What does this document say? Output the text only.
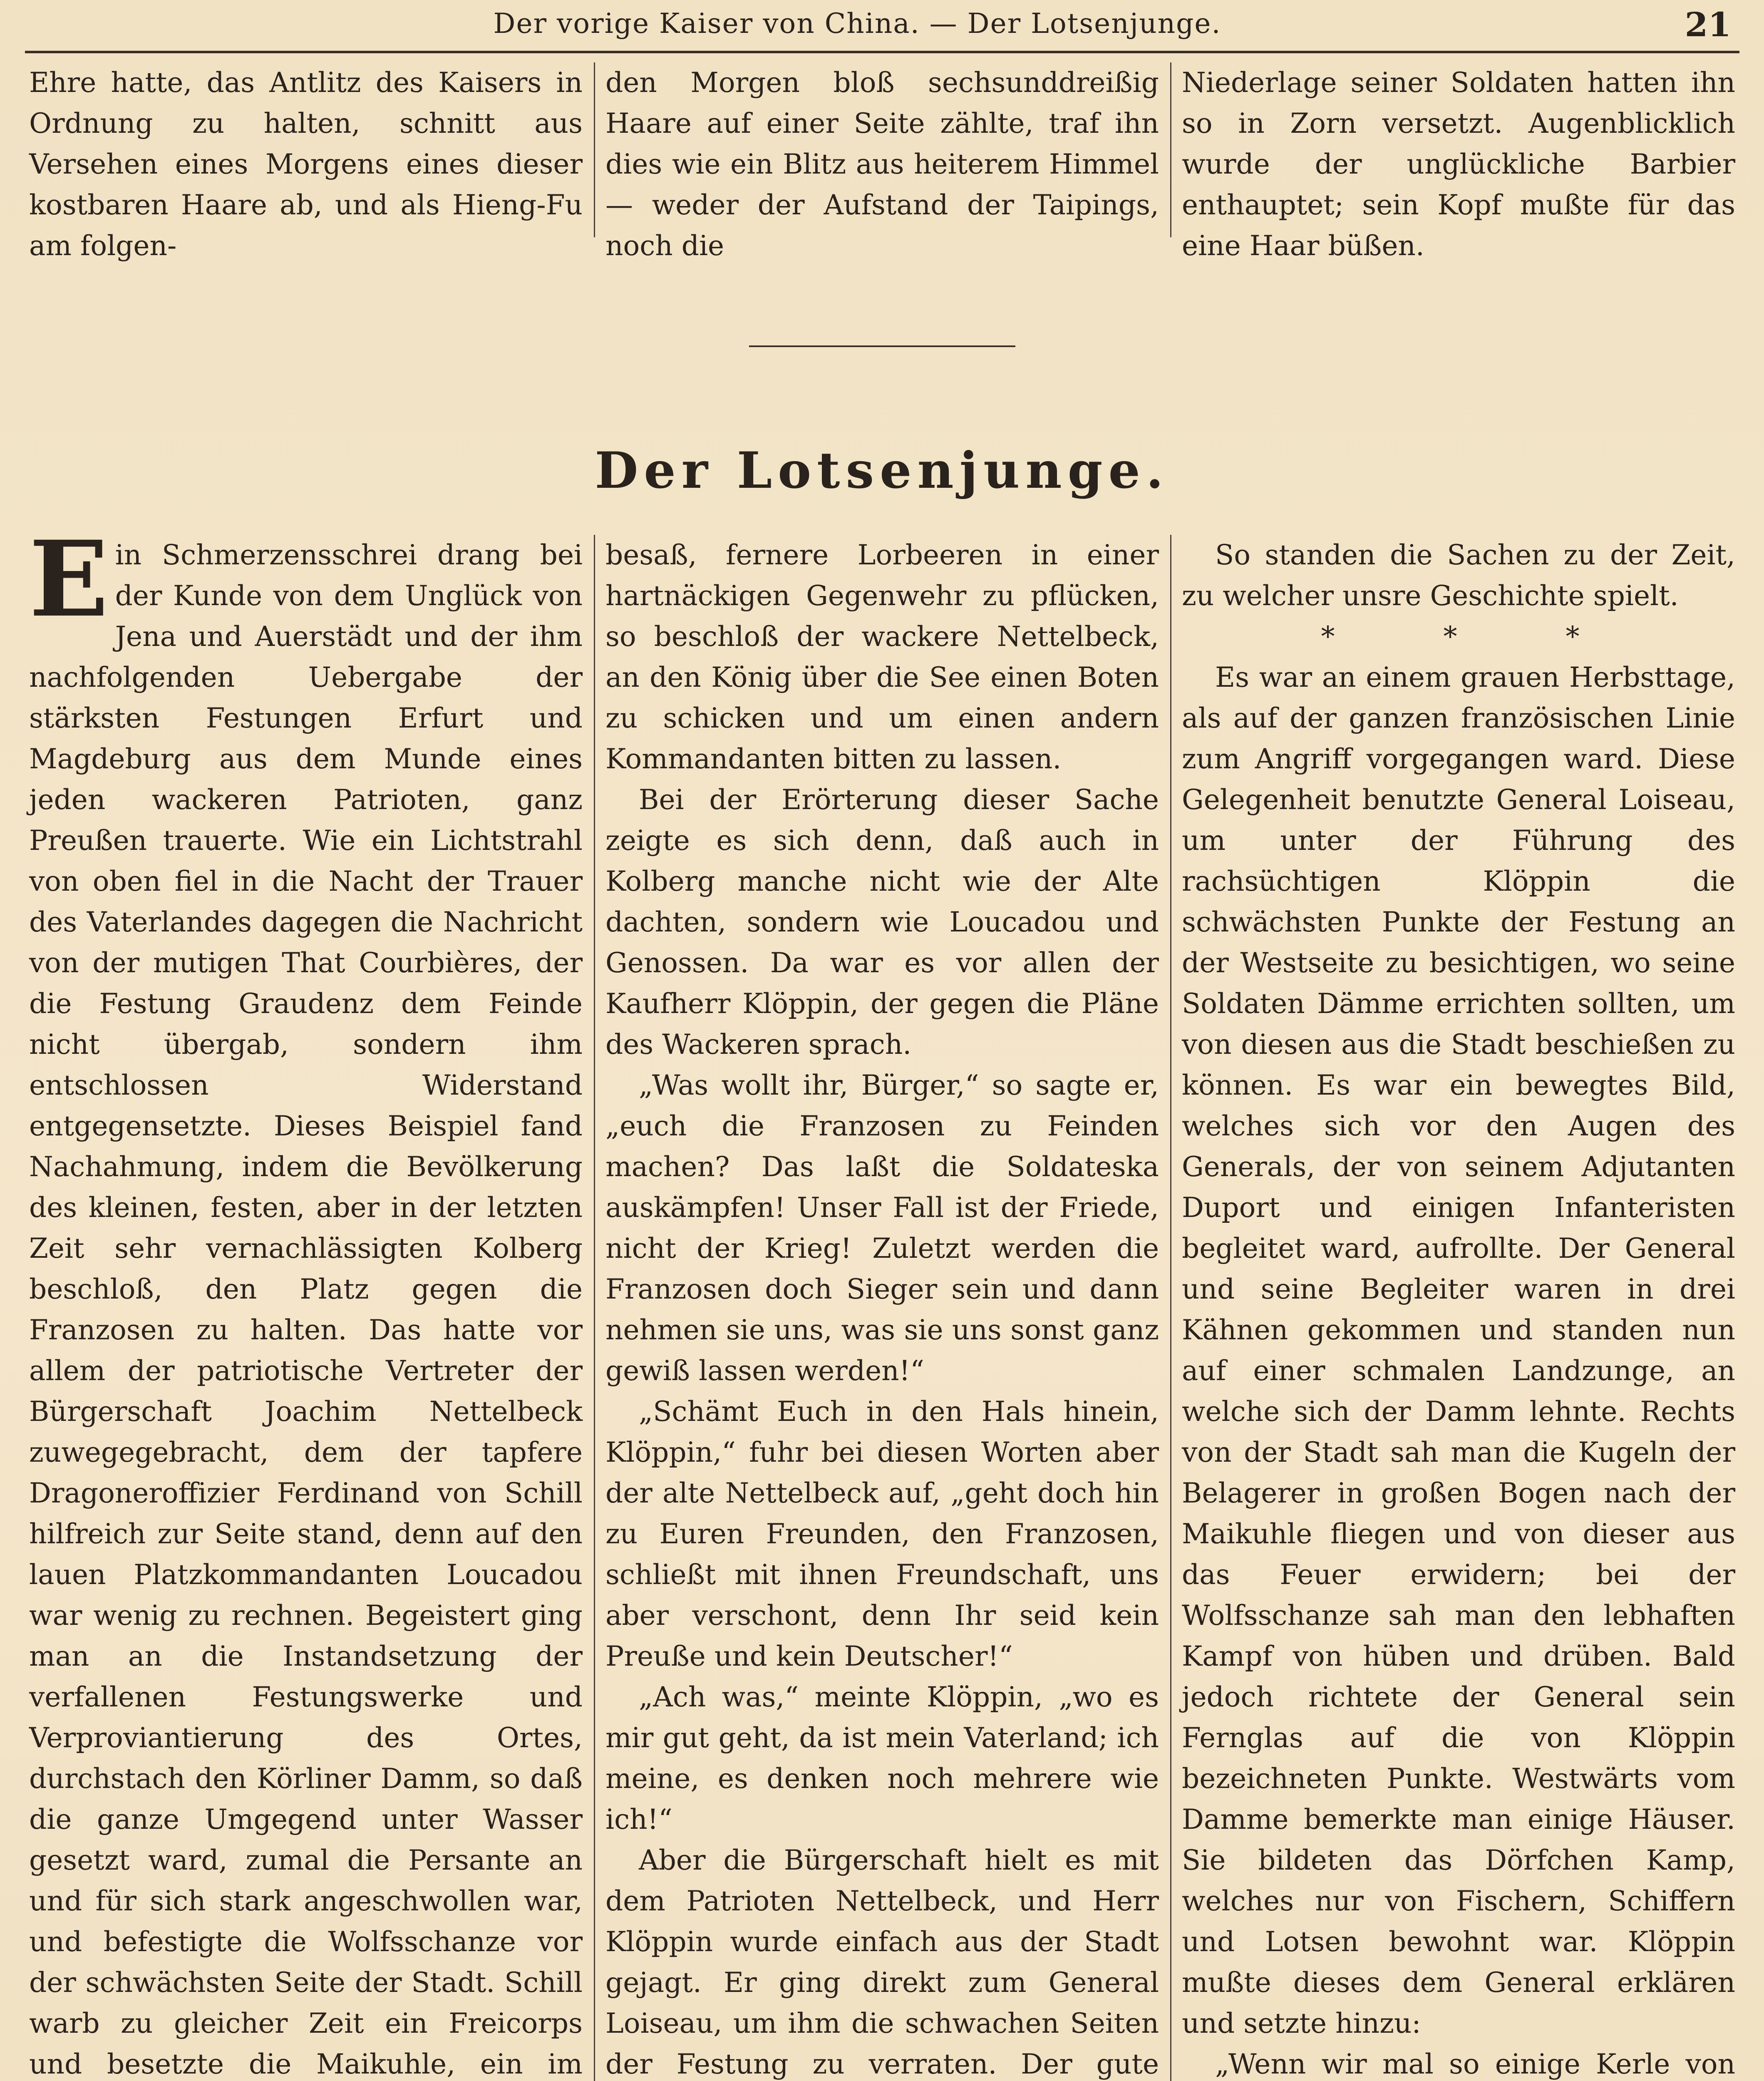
Der vorige Kaiser von China. — Der Lotsenjunge.	21

Ehre hatte, das Antlitz des Kaisers in Ordnung zu halten, schnitt aus Versehen eines Morgens eines dieser kostbaren Haare ab, und als Hieng-Fu am folgen-

den Morgen bloß sechsunddreißig Haare auf einer Seite zählte, traf ihn dies wie ein Blitz aus heiterem Himmel — weder der Aufstand der Taipings, noch die

Niederlage seiner Soldaten hatten ihn so in Zorn versetzt. Augenblicklich wurde der unglückliche Barbier enthauptet; sein Kopf mußte für das eine Haar büßen.

Der Lotsenjunge.

Ein Schmerzensschrei drang bei der Kunde von dem Unglück von Jena und Auerstädt und der ihm nachfolgenden Uebergabe der stärksten Festungen Erfurt und Magdeburg aus dem Munde eines jeden wackeren Patrioten, ganz Preußen trauerte. Wie ein Lichtstrahl von oben fiel in die Nacht der Trauer des Vaterlandes dagegen die Nachricht von der mutigen That Courbières, der die Festung Graudenz dem Feinde nicht übergab, sondern ihm entschlossen Widerstand entgegensetzte. Dieses Beispiel fand Nachahmung, indem die Bevölkerung des kleinen, festen, aber in der letzten Zeit sehr vernachlässigten Kolberg beschloß, den Platz gegen die Franzosen zu halten. Das hatte vor allem der patriotische Vertreter der Bürgerschaft Joachim Nettelbeck zuwegegebracht, dem der tapfere Dragoneroffizier Ferdinand von Schill hilfreich zur Seite stand, denn auf den lauen Platzkommandanten Loucadou war wenig zu rechnen. Begeistert ging man an die Instandsetzung der verfallenen Festungswerke und Verproviantierung des Ortes, durchstach den Körliner Damm, so daß die ganze Umgegend unter Wasser gesetzt ward, zumal die Persante an und für sich stark angeschwollen war, und befestigte die Wolfsschanze vor der schwächsten Seite der Stadt. Schill warb zu gleicher Zeit ein Freicorps und besetzte die Maikuhle, ein im

besaß, fernere Lorbeeren in einer hartnäckigen Gegenwehr zu pflücken, so beschloß der wackere Nettelbeck, an den König über die See einen Boten zu schicken und um einen andern Kommandanten bitten zu lassen.

Bei der Erörterung dieser Sache zeigte es sich denn, daß auch in Kolberg manche nicht wie der Alte dachten, sondern wie Loucadou und Genossen. Da war es vor allen der Kaufherr Klöppin, der gegen die Pläne des Wackeren sprach.

„Was wollt ihr, Bürger,“ so sagte er, „euch die Franzosen zu Feinden machen? Das laßt die Soldateska auskämpfen! Unser Fall ist der Friede, nicht der Krieg! Zuletzt werden die Franzosen doch Sieger sein und dann nehmen sie uns, was sie uns sonst ganz gewiß lassen werden!“

„Schämt Euch in den Hals hinein, Klöppin,“ fuhr bei diesen Worten aber der alte Nettelbeck auf, „geht doch hin zu Euren Freunden, den Franzosen, schließt mit ihnen Freundschaft, uns aber verschont, denn Ihr seid kein Preuße und kein Deutscher!“

„Ach was,“ meinte Klöppin, „wo es mir gut geht, da ist mein Vaterland; ich meine, es denken noch mehrere wie ich!“

Aber die Bürgerschaft hielt es mit dem Patrioten Nettelbeck, und Herr Klöppin wurde einfach aus der Stadt gejagt. Er ging direkt zum General Loiseau, um ihm die schwachen Seiten der Festung zu verraten. Der gute

So standen die Sachen zu der Zeit, zu welcher unsre Geschichte spielt.

* * *

Es war an einem grauen Herbsttage, als auf der ganzen französischen Linie zum Angriff vorgegangen ward. Diese Gelegenheit benutzte General Loiseau, um unter der Führung des rachsüchtigen Klöppin die schwächsten Punkte der Festung an der Westseite zu besichtigen, wo seine Soldaten Dämme errichten sollten, um von diesen aus die Stadt beschießen zu können. Es war ein bewegtes Bild, welches sich vor den Augen des Generals, der von seinem Adjutanten Duport und einigen Infanteristen begleitet ward, aufrollte. Der General und seine Begleiter waren in drei Kähnen gekommen und standen nun auf einer schmalen Landzunge, an welche sich der Damm lehnte. Rechts von der Stadt sah man die Kugeln der Belagerer in großen Bogen nach der Maikuhle fliegen und von dieser aus das Feuer erwidern; bei der Wolfsschanze sah man den lebhaften Kampf von hüben und drüben. Bald jedoch richtete der General sein Fernglas auf die von Klöppin bezeichneten Punkte. Westwärts vom Damme bemerkte man einige Häuser. Sie bildeten das Dörfchen Kamp, welches nur von Fischern, Schiffern und Lotsen bewohnt war. Klöppin mußte dieses dem General erklären und setzte hinzu:

„Wenn wir mal so einige Kerle von
